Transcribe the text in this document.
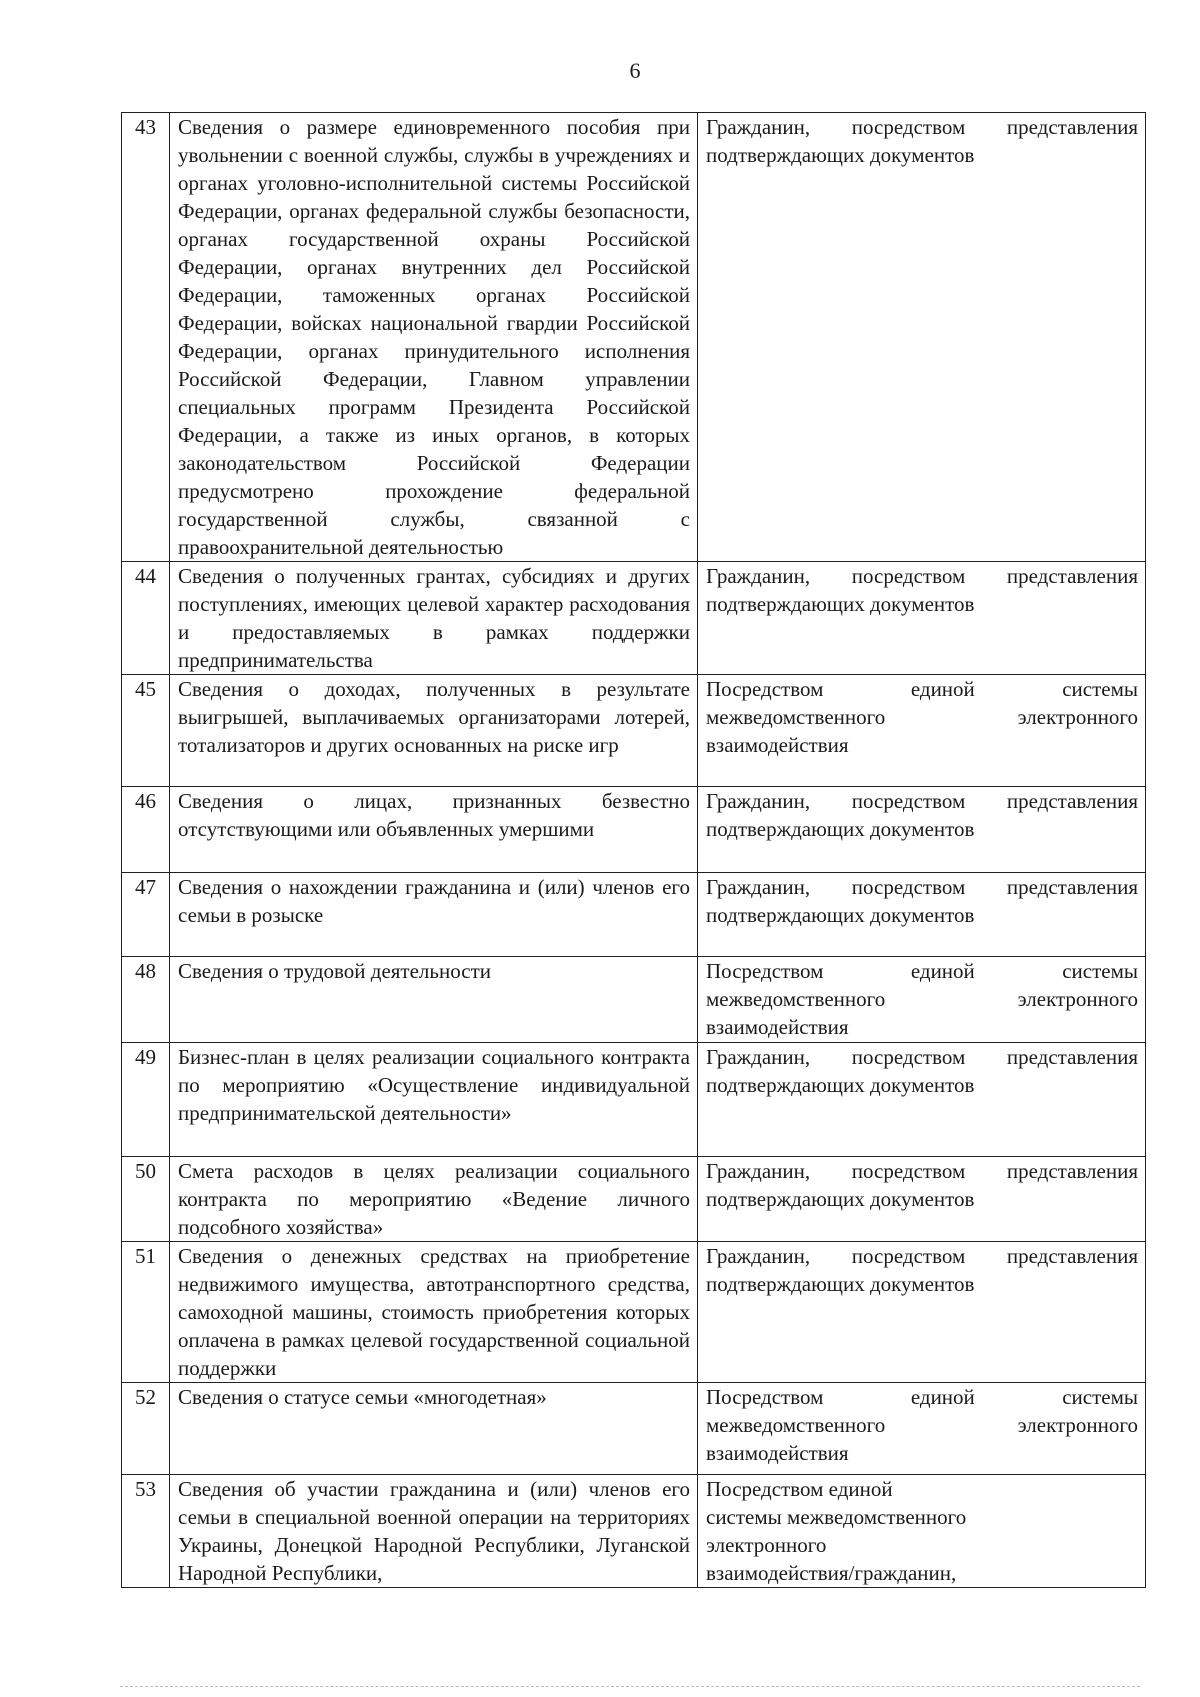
6
43	Сведения о размере единовременного пособия при увольнении с военной службы, службы в учреждениях и органах уголовно-исполнительной системы Российской Федерации, органах федеральной службы безопасности, органах государственной охраны Российской Федерации, органах внутренних дел Российской Федерации, таможенных органах Российской Федерации, войсках национальной гвардии Российской Федерации, органах принудительного исполнения Российской Федерации, Главном управлении специальных программ Президента Российской Федерации, а также из иных органов, в которых законодательством Российской Федерации предусмотрено прохождение федеральной государственной службы, связанной с правоохранительной деятельностью	Гражданин, посредством представления подтверждающих документов
44	Сведения о полученных грантах, субсидиях и других поступлениях, имеющих целевой характер расходования и предоставляемых в рамках поддержки предпринимательства	Гражданин, посредством представления подтверждающих документов
45	Сведения о доходах, полученных в результате выигрышей, выплачиваемых организаторами лотерей, тотализаторов и других основанных на риске игр	Посредством единой системы межведомственного электронного взаимодействия
46	Сведения о лицах, признанных безвестно отсутствующими или объявленных умершими	Гражданин, посредством представления подтверждающих документов
47	Сведения о нахождении гражданина и (или) членов его семьи в розыске	Гражданин, посредством представления подтверждающих документов
48	Сведения о трудовой деятельности	Посредством единой системы межведомственного электронного взаимодействия
49	Бизнес-план в целях реализации социального контракта по мероприятию «Осуществление индивидуальной предпринимательской деятельности»	Гражданин, посредством представления подтверждающих документов
50	Смета расходов в целях реализации социального контракта по мероприятию «Ведение личного подсобного хозяйства»	Гражданин, посредством представления подтверждающих документов
51	Сведения о денежных средствах на приобретение недвижимого имущества, автотранспортного средства, самоходной машины, стоимость приобретения которых оплачена в рамках целевой государственной социальной поддержки	Гражданин, посредством представления подтверждающих документов
52	Сведения о статусе семьи «многодетная»	Посредством единой системы межведомственного электронного взаимодействия
53	Сведения об участии гражданина и (или) членов его семьи в специальной военной операции на территориях Украины, Донецкой Народной Республики, Луганской Народной Республики,	Посредством единой
системы межведомственного
электронного
взаимодействия/гражданин,
